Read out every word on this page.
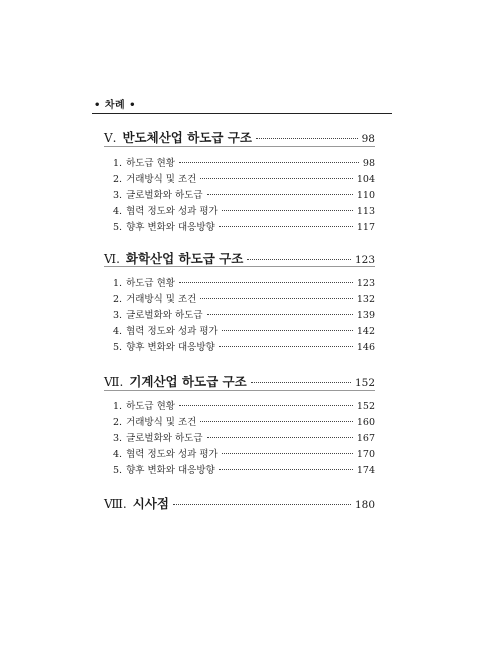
• 차례 •
Ⅴ. 반도체산업 하도급 구조	98
1. 하도급 현황	98
2. 거래방식 및 조건	104
3. 글로벌화와 하도급	110
4. 협력 정도와 성과 평가	113
5. 향후 변화와 대응방향	117
Ⅵ. 화학산업 하도급 구조	123
1. 하도급 현황	123
2. 거래방식 및 조건	132
3. 글로벌화와 하도급	139
4. 협력 정도와 성과 평가	142
5. 향후 변화와 대응방향	146
Ⅶ. 기계산업 하도급 구조	152
1. 하도급 현황	152
2. 거래방식 및 조건	160
3. 글로벌화와 하도급	167
4. 협력 정도와 성과 평가	170
5. 향후 변화와 대응방향	174
Ⅷ. 시사점	180
